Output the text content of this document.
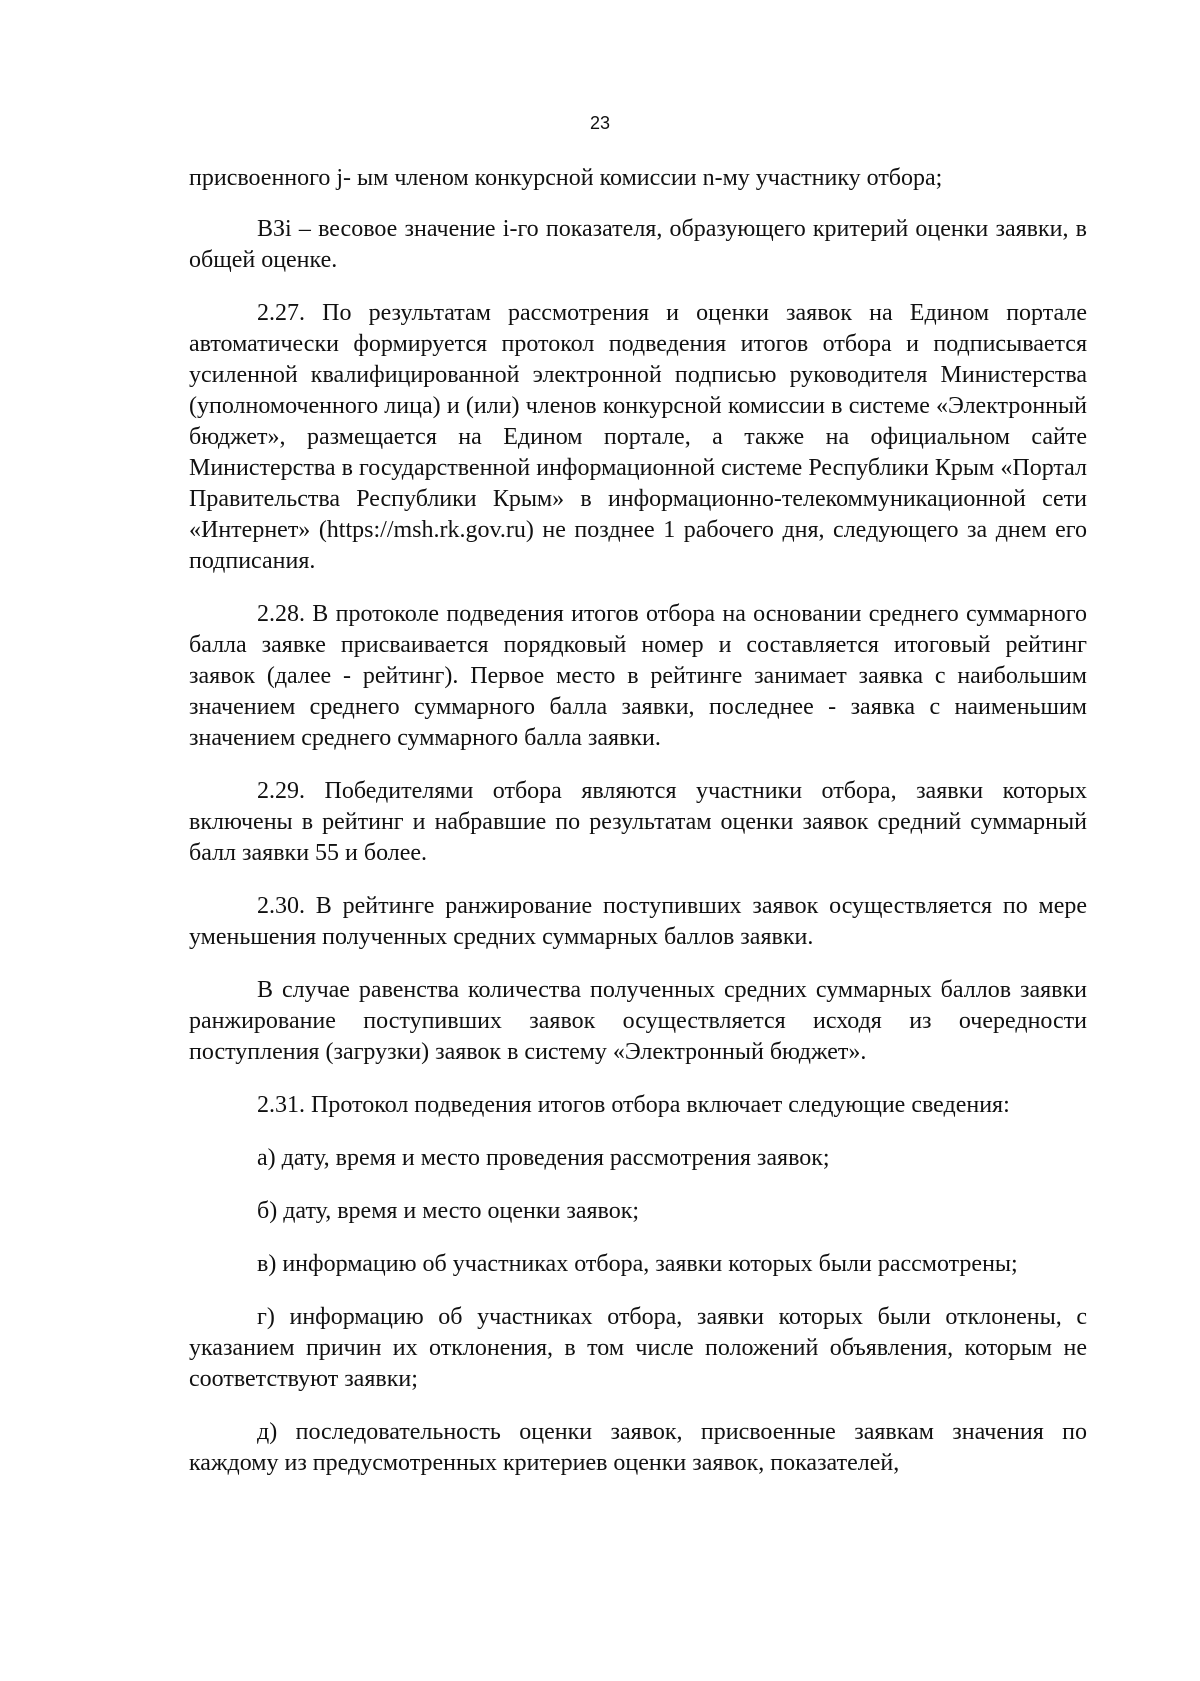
23

присвоенного j- ым членом конкурсной комиссии n-му участнику отбора;

ВЗi – весовое значение i-го показателя, образующего критерий оценки заявки, в общей оценке.

2.27. По результатам рассмотрения и оценки заявок на Едином портале автоматически формируется протокол подведения итогов отбора и подписывается усиленной квалифицированной электронной подписью руководителя Министерства (уполномоченного лица) и (или) членов конкурсной комиссии в системе «Электронный бюджет», размещается на Едином портале, а также на официальном сайте Министерства в государственной информационной системе Республики Крым «Портал Правительства Республики Крым» в информационно-телекоммуникационной сети «Интернет» (https://msh.rk.gov.ru) не позднее 1 рабочего дня, следующего за днем его подписания.

2.28. В протоколе подведения итогов отбора на основании среднего суммарного балла заявке присваивается порядковый номер и составляется итоговый рейтинг заявок (далее - рейтинг). Первое место в рейтинге занимает заявка с наибольшим значением среднего суммарного балла заявки, последнее - заявка с наименьшим значением среднего суммарного балла заявки.

2.29. Победителями отбора являются участники отбора, заявки которых включены в рейтинг и набравшие по результатам оценки заявок средний суммарный балл заявки 55 и более.

2.30. В рейтинге ранжирование поступивших заявок осуществляется по мере уменьшения полученных средних суммарных баллов заявки.

В случае равенства количества полученных средних суммарных баллов заявки ранжирование поступивших заявок осуществляется исходя из очередности поступления (загрузки) заявок в систему «Электронный бюджет».

2.31. Протокол подведения итогов отбора включает следующие сведения:

а) дату, время и место проведения рассмотрения заявок;

б) дату, время и место оценки заявок;

в) информацию об участниках отбора, заявки которых были рассмотрены;

г) информацию об участниках отбора, заявки которых были отклонены, с указанием причин их отклонения, в том числе положений объявления, которым не соответствуют заявки;

д) последовательность оценки заявок, присвоенные заявкам значения по каждому из предусмотренных критериев оценки заявок, показателей,
